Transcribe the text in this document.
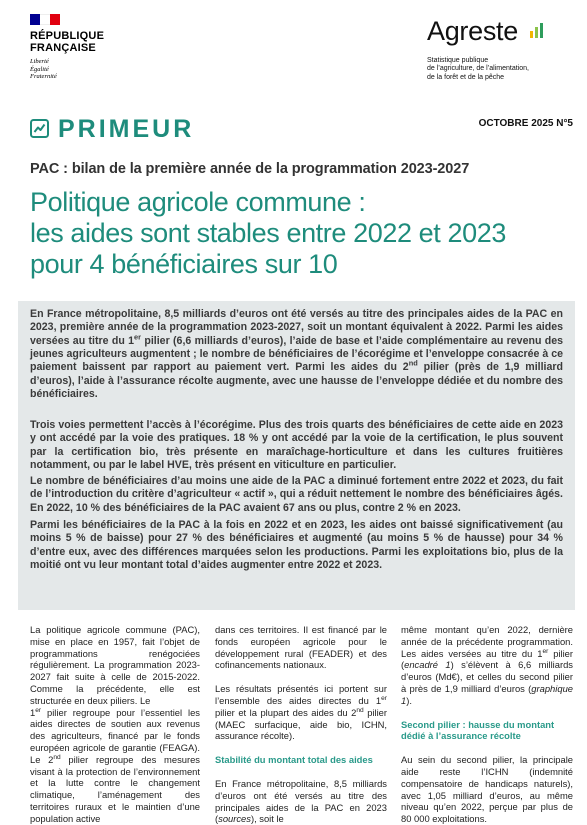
RÉPUBLIQUE
FRANÇAISE
Liberté
Égalité
Fraternité
Agreste
Statistique publique
de l’agriculture, de l’alimentation,
de la forêt et de la pêche
PRIMEUR	OCTOBRE 2025 N°5
PAC : bilan de la première année de la programmation 2023-2027
Politique agricole commune :
les aides sont stables entre 2022 et 2023
pour 4 bénéficiaires sur 10

En France métropolitaine, 8,5 milliards d’euros ont été versés au titre des principales aides de la PAC en 2023, première année de la programmation 2023-2027, soit un montant équivalent à 2022. Parmi les aides versées au titre du 1er pilier (6,6 milliards d’euros), l’aide de base et l’aide complémentaire au revenu des jeunes agriculteurs augmentent ; le nombre de bénéficiaires de l’écorégime et l’enveloppe consacrée à ce paiement baissent par rapport au paiement vert. Parmi les aides du 2nd pilier (près de 1,9 milliard d’euros), l’aide à l’assurance récolte augmente, avec une hausse de l’enveloppe dédiée et du nombre des bénéficiaires.

Trois voies permettent l’accès à l’écorégime. Plus des trois quarts des bénéficiaires de cette aide en 2023 y ont accédé par la voie des pratiques. 18 % y ont accédé par la voie de la certification, le plus souvent par la certification bio, très présente en maraîchage-horticulture et dans les cultures fruitières notamment, ou par le label HVE, très présent en viticulture en particulier.

Le nombre de bénéficiaires d’au moins une aide de la PAC a diminué fortement entre 2022 et 2023, du fait de l’introduction du critère d’agriculteur « actif », qui a réduit nettement le nombre des bénéficiaires âgés. En 2022, 10 % des bénéficiaires de la PAC avaient 67 ans ou plus, contre 2 % en 2023.

Parmi les bénéficiaires de la PAC à la fois en 2022 et en 2023, les aides ont baissé significativement (au moins 5 % de baisse) pour 27 % des bénéficiaires et augmenté (au moins 5 % de hausse) pour 34 % d’entre eux, avec des différences marquées selon les productions. Parmi les exploitations bio, plus de la moitié ont vu leur montant total d’aides augmenter entre 2022 et 2023.

La politique agricole commune (PAC), mise en place en 1957, fait l’objet de programmations renégociées régulièrement. La programmation 2023-2027 fait suite à celle de 2015-2022. Comme la précédente, elle est structurée en deux piliers. Le
1er pilier regroupe pour l’essentiel les aides directes de soutien aux revenus des agriculteurs, financé par le fonds européen agricole de garantie (FEAGA). Le 2nd pilier regroupe des mesures visant à la protection de l’environnement et la lutte contre le changement climatique, l’aménagement des territoires ruraux et le maintien d’une population active

dans ces territoires. Il est financé par le fonds européen agricole pour le développement rural (FEADER) et des cofinancements nationaux.

Les résultats présentés ici portent sur l’ensemble des aides directes du 1er pilier et la plupart des aides du 2nd pilier (MAEC surfacique, aide bio, ICHN, assurance récolte).

Stabilité du montant total des aides

En France métropolitaine, 8,5 milliards d’euros ont été versés au titre des principales aides de la PAC en 2023 (sources), soit le

même montant qu’en 2022, dernière année de la précédente programmation. Les aides versées au titre du 1er pilier (encadré 1) s’élèvent à 6,6 milliards d’euros (Md€), et celles du second pilier à près de 1,9 milliard d’euros (graphique 1).

Second pilier : hausse du montant dédié à l’assurance récolte

Au sein du second pilier, la principale aide reste l’ICHN (indemnité compensatoire de handicaps naturels), avec 1,05 milliard d’euros, au même niveau qu’en 2022, perçue par plus de 80 000 exploitations.
